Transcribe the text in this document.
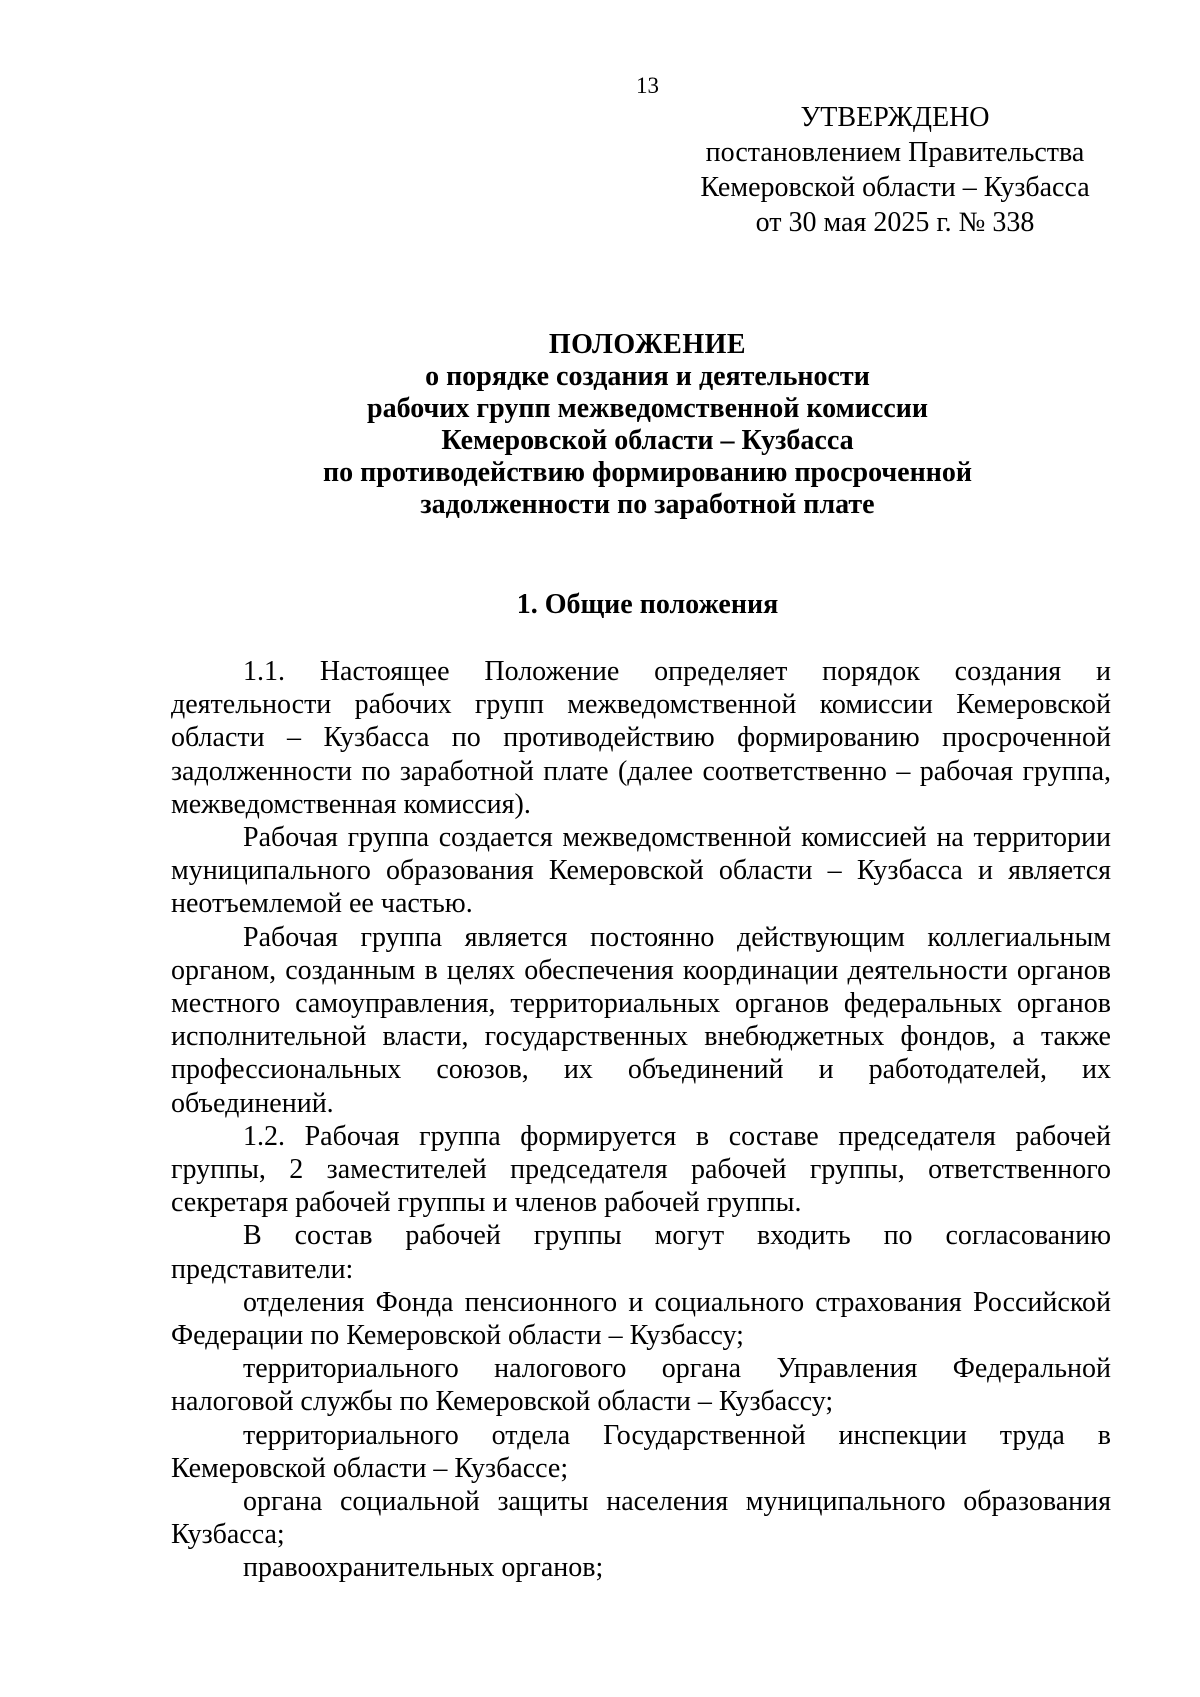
13
УТВЕРЖДЕНО
постановлением Правительства
Кемеровской области – Кузбасса
от 30 мая 2025 г. № 338
ПОЛОЖЕНИЕ
о порядке создания и деятельности
рабочих групп межведомственной комиссии
Кемеровской области – Кузбасса
по противодействию формированию просроченной
задолженности по заработной плате
1. Общие положения

1.1. Настоящее Положение определяет порядок создания и деятельности рабочих групп межведомственной комиссии Кемеровской области – Кузбасса по противодействию формированию просроченной задолженности по заработной плате (далее соответственно – рабочая группа, межведомственная комиссия).

Рабочая группа создается межведомственной комиссией на территории муниципального образования Кемеровской области – Кузбасса и является неотъемлемой ее частью.

Рабочая группа является постоянно действующим коллегиальным органом, созданным в целях обеспечения координации деятельности органов местного самоуправления, территориальных органов федеральных органов исполнительной власти, государственных внебюджетных фондов, а также профессиональных союзов, их объединений и работодателей, их объединений.

1.2. Рабочая группа формируется в составе председателя рабочей группы, 2 заместителей председателя рабочей группы, ответственного секретаря рабочей группы и членов рабочей группы.

В состав рабочей группы могут входить по согласованию представители:

отделения Фонда пенсионного и социального страхования Российской Федерации по Кемеровской области – Кузбассу;

территориального налогового органа Управления Федеральной налоговой службы по Кемеровской области – Кузбассу;

территориального отдела Государственной инспекции труда в Кемеровской области – Кузбассе;

органа социальной защиты населения муниципального образования Кузбасса;

правоохранительных органов;
